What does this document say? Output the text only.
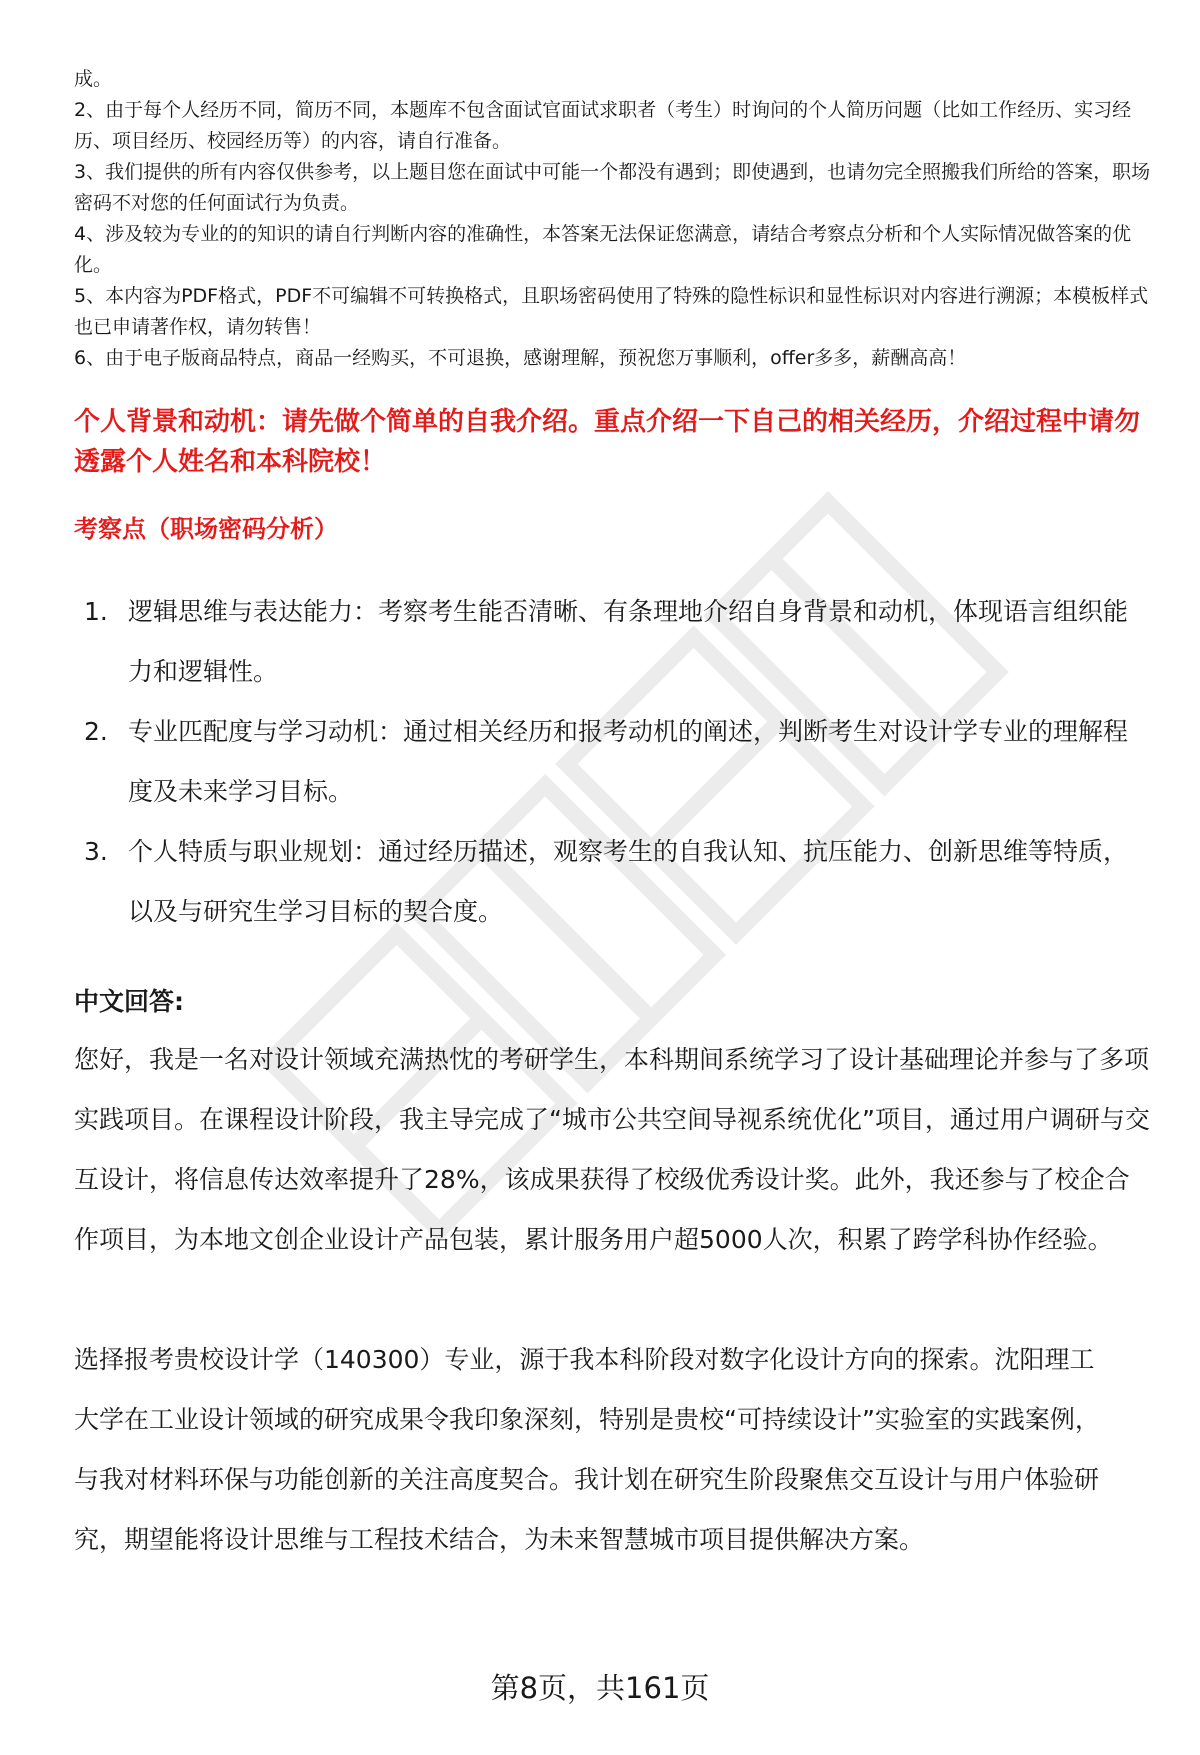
成。

2、由于每个人经历不同，简历不同，本题库不包含面试官面试求职者（考生）时询问的个人简历问题（比如工作经历、实习经历、项目经历、校园经历等）的内容，请自行准备。

3、我们提供的所有内容仅供参考，以上题目您在面试中可能一个都没有遇到；即使遇到，也请勿完全照搬我们所给的答案，职场密码不对您的任何面试行为负责。

4、涉及较为专业的的知识的请自行判断内容的准确性，本答案无法保证您满意，请结合考察点分析和个人实际情况做答案的优化。

5、本内容为PDF格式，PDF不可编辑不可转换格式，且职场密码使用了特殊的隐性标识和显性标识对内容进行溯源；本模板样式也已申请著作权，请勿转售！

6、由于电子版商品特点，商品一经购买，不可退换，感谢理解，预祝您万事顺利，offer多多，薪酬高高！

个人背景和动机：请先做个简单的自我介绍。重点介绍一下自己的相关经历，介绍过程中请勿透露个人姓名和本科院校！
考察点（职场密码分析）
1. 逻辑思维与表达能力：考察考生能否清晰、有条理地介绍自身背景和动机，体现语言组织能力和逻辑性。
2. 专业匹配度与学习动机：通过相关经历和报考动机的阐述，判断考生对设计学专业的理解程度及未来学习目标。
3. 个人特质与职业规划：通过经历描述，观察考生的自我认知、抗压能力、创新思维等特质，以及与研究生学习目标的契合度。
中文回答:

您好，我是一名对设计领域充满热忱的考研学生，本科期间系统学习了设计基础理论并参与了多项实践项目。在课程设计阶段，我主导完成了“城市公共空间导视系统优化”项目，通过用户调研与交互设计，将信息传达效率提升了28%，该成果获得了校级优秀设计奖。此外，我还参与了校企合作项目，为本地文创企业设计产品包装，累计服务用户超5000人次，积累了跨学科协作经验。

选择报考贵校设计学（140300）专业，源于我本科阶段对数字化设计方向的探索。沈阳理工大学在工业设计领域的研究成果令我印象深刻，特别是贵校“可持续设计”实验室的实践案例，与我对材料环保与功能创新的关注高度契合。我计划在研究生阶段聚焦交互设计与用户体验研究，期望能将设计思维与工程技术结合，为未来智慧城市项目提供解决方案。

第8页，共161页
